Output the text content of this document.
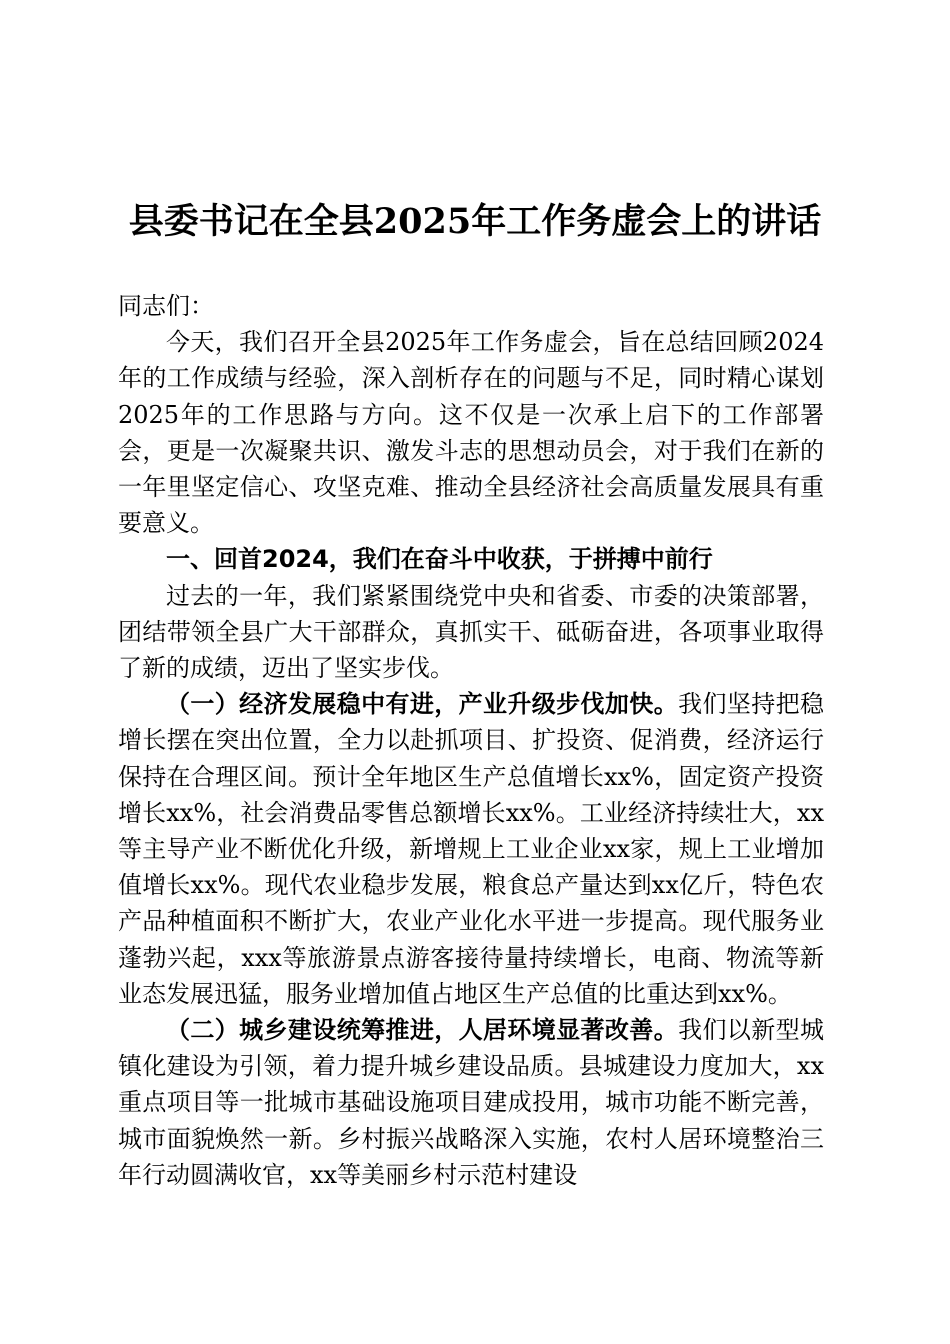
县委书记在全县2025年工作务虚会上的讲话

同志们：

今天，我们召开全县2025年工作务虚会，旨在总结回顾2024年的工作成绩与经验，深入剖析存在的问题与不足，同时精心谋划2025年的工作思路与方向。这不仅是一次承上启下的工作部署会，更是一次凝聚共识、激发斗志的思想动员会，对于我们在新的一年里坚定信心、攻坚克难、推动全县经济社会高质量发展具有重要意义。

一、回首2024，我们在奋斗中收获，于拼搏中前行

过去的一年，我们紧紧围绕党中央和省委、市委的决策部署，团结带领全县广大干部群众，真抓实干、砥砺奋进，各项事业取得了新的成绩，迈出了坚实步伐。

（一）经济发展稳中有进，产业升级步伐加快。我们坚持把稳增长摆在突出位置，全力以赴抓项目、扩投资、促消费，经济运行保持在合理区间。预计全年地区生产总值增长xx%，固定资产投资增长xx%，社会消费品零售总额增长xx%。工业经济持续壮大，xx等主导产业不断优化升级，新增规上工业企业xx家，规上工业增加值增长xx%。现代农业稳步发展，粮食总产量达到xx亿斤，特色农产品种植面积不断扩大，农业产业化水平进一步提高。现代服务业蓬勃兴起，xxx等旅游景点游客接待量持续增长，电商、物流等新业态发展迅猛，服务业增加值占地区生产总值的比重达到xx%。

（二）城乡建设统筹推进，人居环境显著改善。我们以新型城镇化建设为引领，着力提升城乡建设品质。县城建设力度加大，xx重点项目等一批城市基础设施项目建成投用，城市功能不断完善，城市面貌焕然一新。乡村振兴战略深入实施，农村人居环境整治三年行动圆满收官，xx等美丽乡村示范村建设
